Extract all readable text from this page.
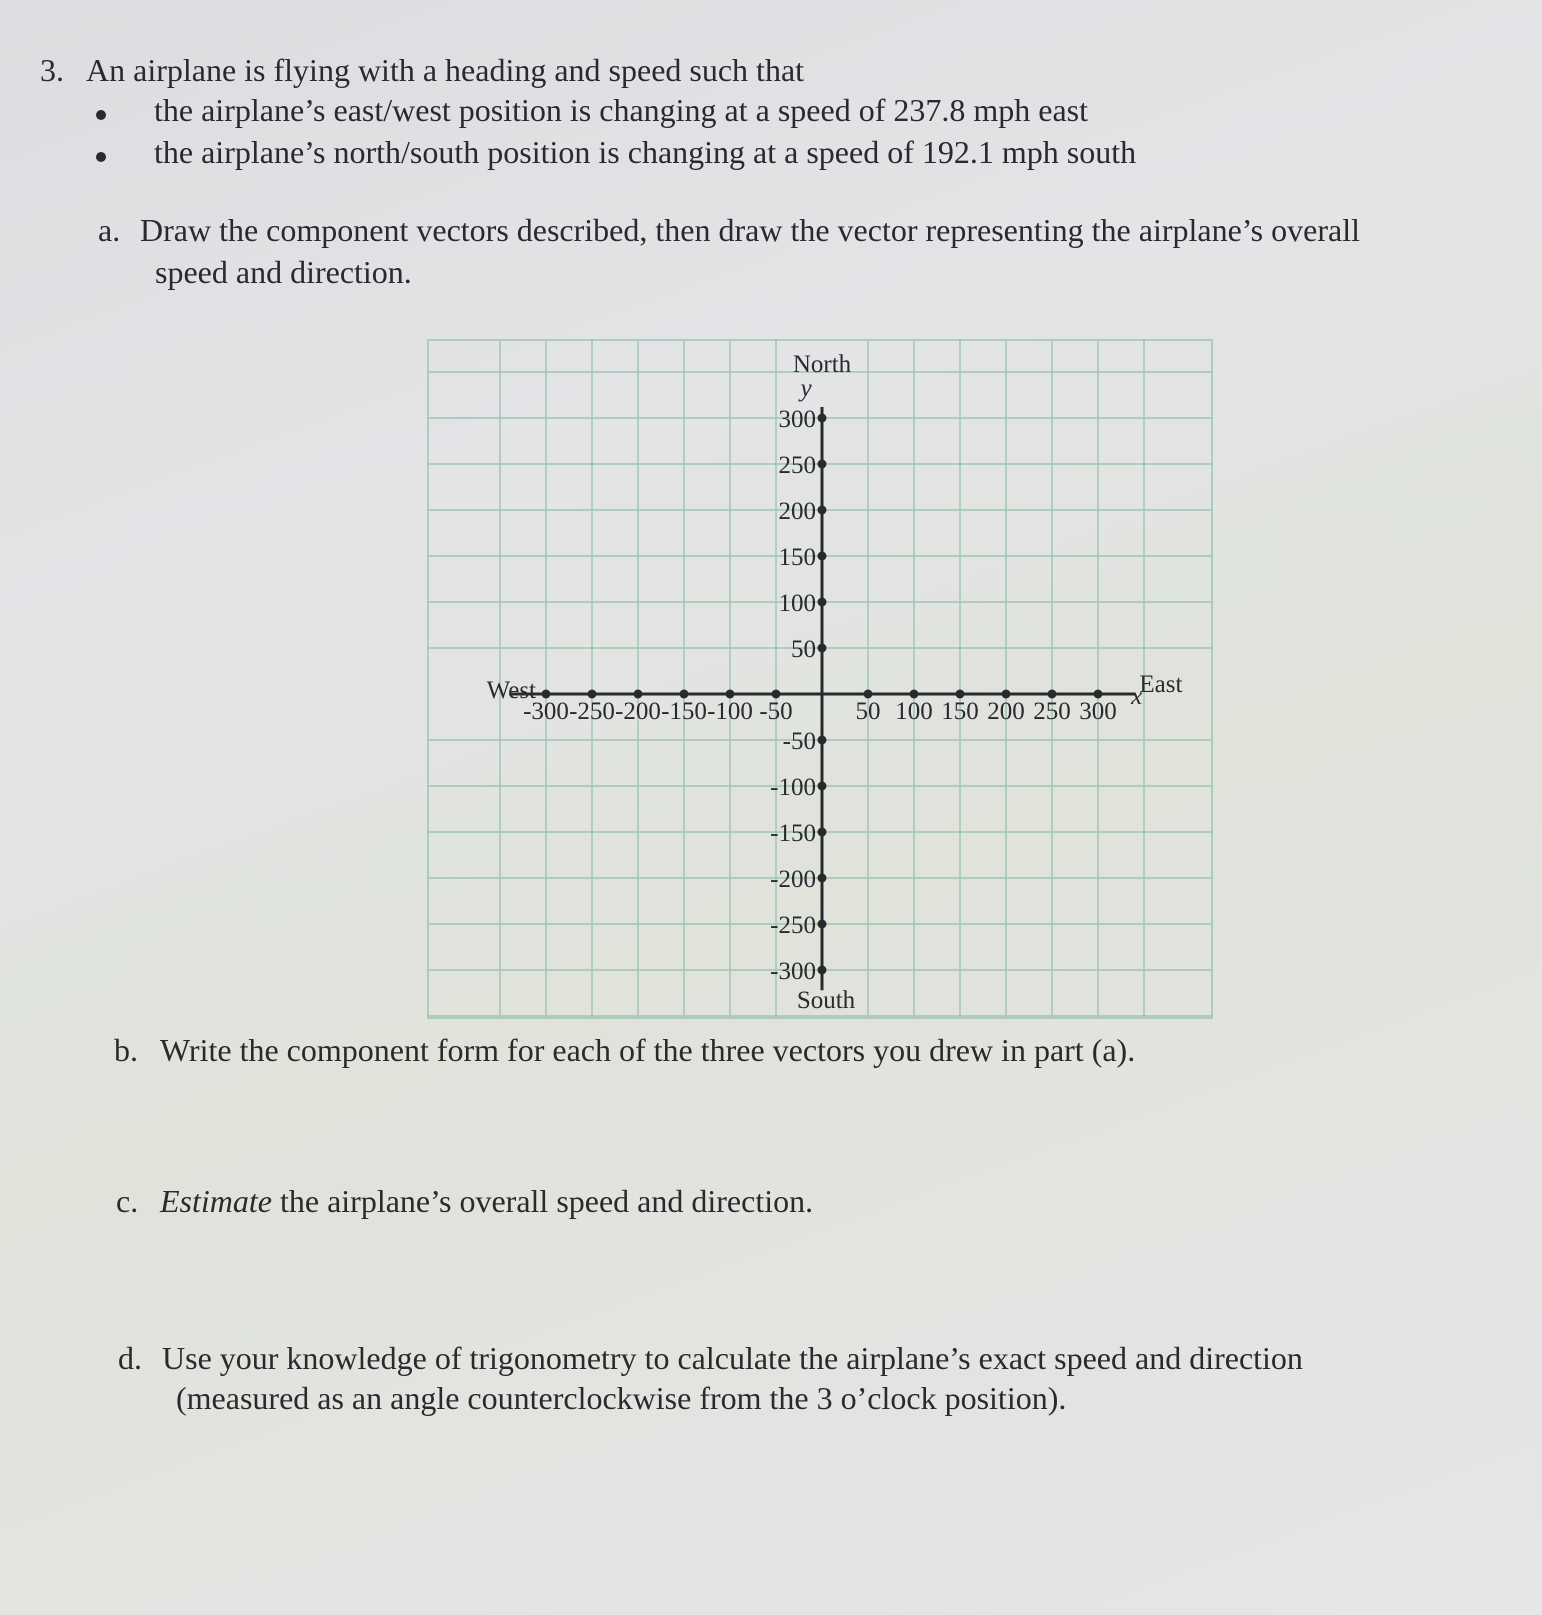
3. An airplane is flying with a heading and speed such that
the airplane’s east/west position is changing at a speed of 237.8 mph east
the airplane’s north/south position is changing at a speed of 192.1 mph south
a. Draw the component vectors described, then draw the vector representing the airplane’s overall
speed and direction.
-300 -250 -200 -150 -100 -50	50 100 150 200 250 300
300
250
200
150
100
50
-50
-100
-150
-200
-250
-300
x
y
North
South
East
West
b. Write the component form for each of the three vectors you drew in part (a).
c. Estimate the airplane’s overall speed and direction.
d. Use your knowledge of trigonometry to calculate the airplane’s exact speed and direction
(measured as an angle counterclockwise from the 3 o’clock position).
